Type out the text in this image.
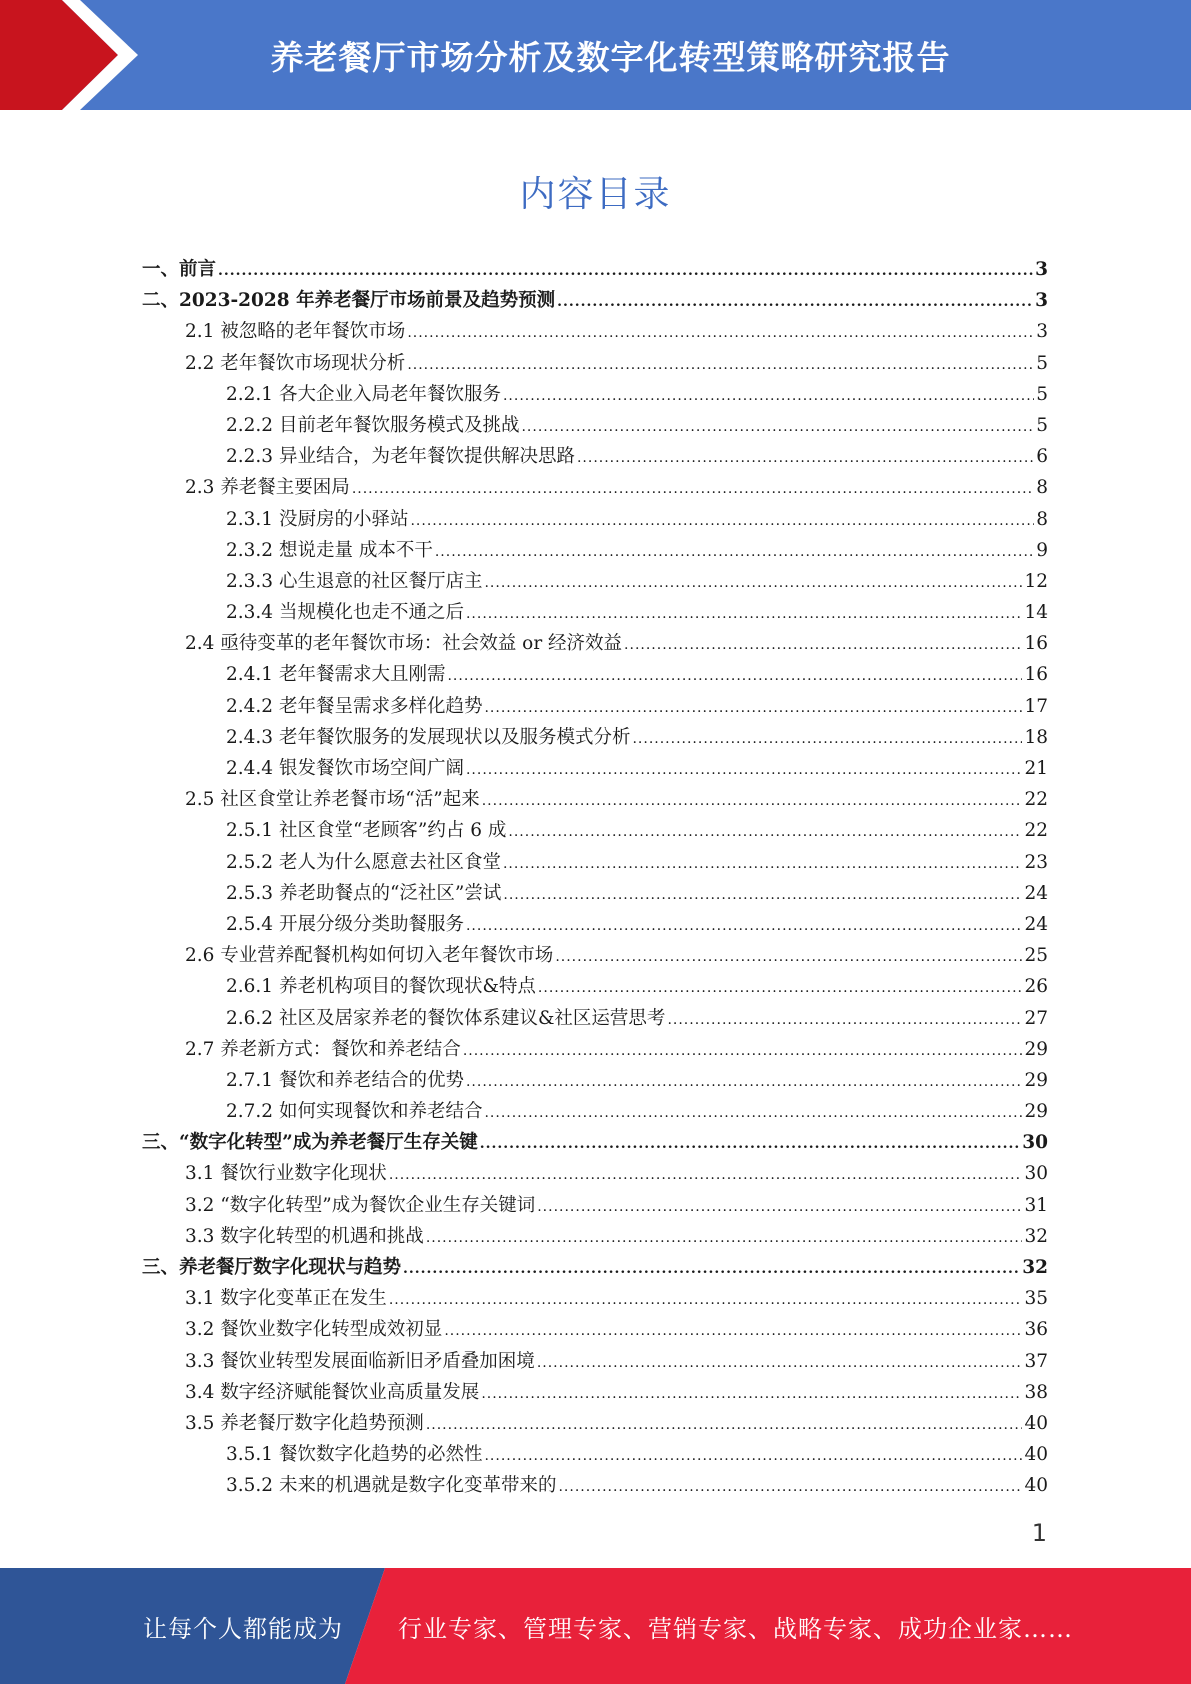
养老餐厅市场分析及数字化转型策略研究报告
内容目录
一、前言 .....	3
二、2023-2028 年养老餐厅市场前景及趋势预测 .....	3
2.1 被忽略的老年餐饮市场 .....	3
2.2 老年餐饮市场现状分析 .....	5
2.2.1 各大企业入局老年餐饮服务 .....	5
2.2.2 目前老年餐饮服务模式及挑战 .....	5
2.2.3 异业结合，为老年餐饮提供解决思路 .....	6
2.3 养老餐主要困局 .....	8
2.3.1 没厨房的小驿站 .....	8
2.3.2 想说走量 成本不干 .....	9
2.3.3 心生退意的社区餐厅店主 .....	12
2.3.4 当规模化也走不通之后 .....	14
2.4 亟待变革的老年餐饮市场：社会效益 or 经济效益 .....	16
2.4.1 老年餐需求大且刚需 .....	16
2.4.2 老年餐呈需求多样化趋势 .....	17
2.4.3 老年餐饮服务的发展现状以及服务模式分析 .....	18
2.4.4 银发餐饮市场空间广阔 .....	21
2.5 社区食堂让养老餐市场“活”起来 .....	22
2.5.1 社区食堂“老顾客”约占 6 成 .....	22
2.5.2 老人为什么愿意去社区食堂 .....	23
2.5.3 养老助餐点的“泛社区”尝试 .....	24
2.5.4 开展分级分类助餐服务 .....	24
2.6 专业营养配餐机构如何切入老年餐饮市场 .....	25
2.6.1 养老机构项目的餐饮现状&特点 .....	26
2.6.2 社区及居家养老的餐饮体系建议&社区运营思考 .....	27
2.7 养老新方式：餐饮和养老结合 .....	29
2.7.1 餐饮和养老结合的优势 .....	29
2.7.2 如何实现餐饮和养老结合 .....	29
三、“数字化转型”成为养老餐厅生存关键 .....	30
3.1 餐饮行业数字化现状 .....	30
3.2 “数字化转型”成为餐饮企业生存关键词 .....	31
3.3 数字化转型的机遇和挑战 .....	32
三、养老餐厅数字化现状与趋势 .....	32
3.1 数字化变革正在发生 .....	35
3.2 餐饮业数字化转型成效初显 .....	36
3.3 餐饮业转型发展面临新旧矛盾叠加困境 .....	37
3.4 数字经济赋能餐饮业高质量发展 .....	38
3.5 养老餐厅数字化趋势预测 .....	40
3.5.1 餐饮数字化趋势的必然性 .....	40
3.5.2 未来的机遇就是数字化变革带来的 .....	40
1
让每个人都能成为 行业专家、管理专家、营销专家、战略专家、成功企业家……
